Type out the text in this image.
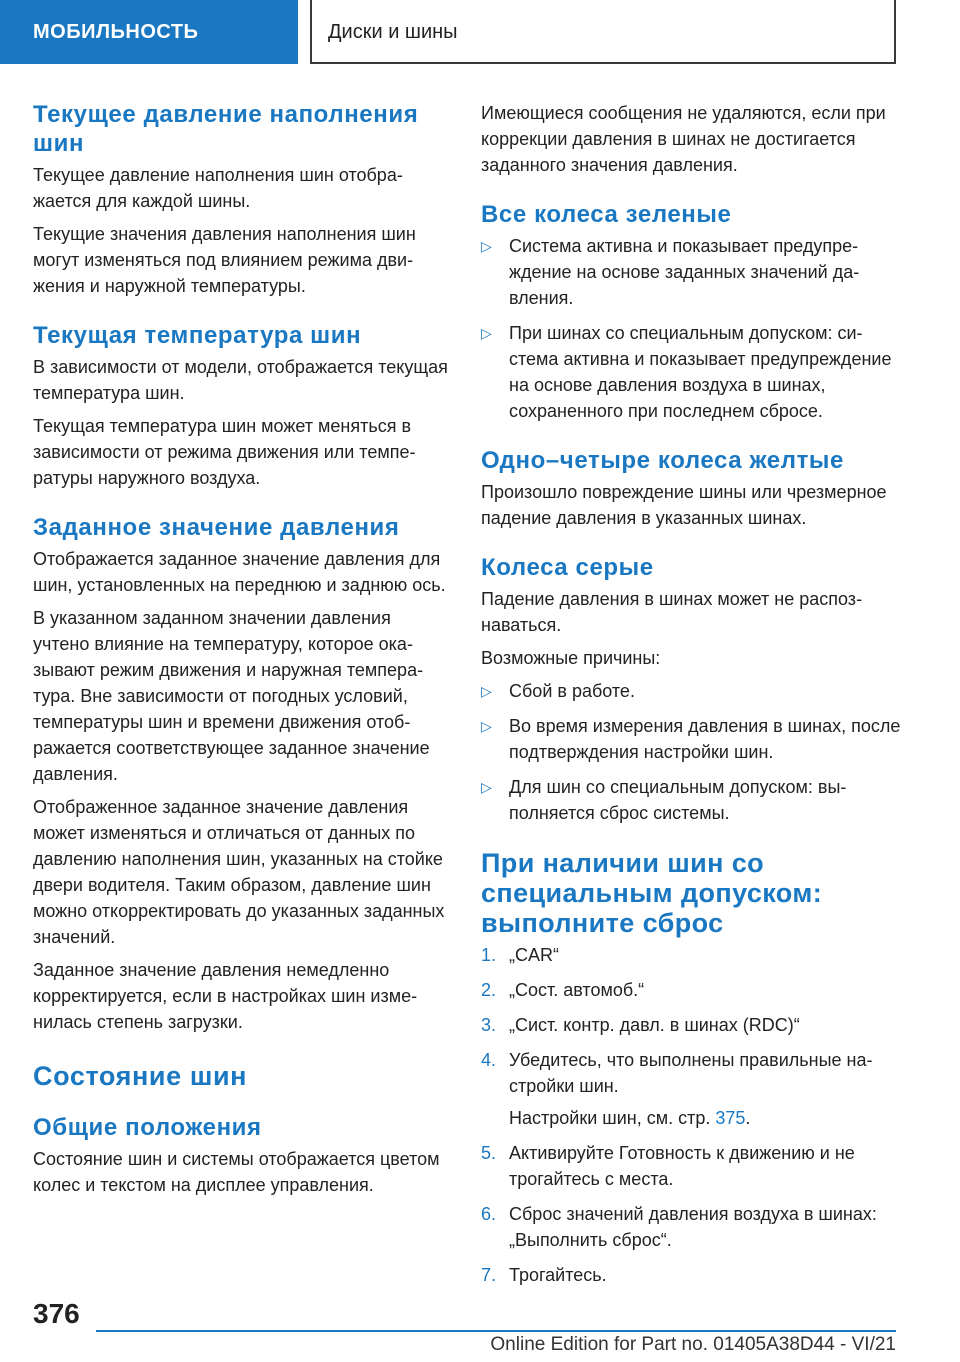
МОБИЛЬНОСТЬ	Диски и шины
Текущее давление наполнения шин

Текущее давление наполнения шин отображается для каждой шины.

Текущие значения давления наполнения шин могут изменяться под влиянием режима движения и наружной температуры.

Текущая температура шин

В зависимости от модели, отображается текущая температура шин.

Текущая температура шин может меняться в зависимости от режима движения или температуры наружного воздуха.

Заданное значение давления

Отображается заданное значение давления для шин, установленных на переднюю и заднюю ось.

В указанном заданном значении давления учтено влияние на температуру, которое оказывают режим движения и наружная температура. Вне зависимости от погодных условий, температуры шин и времени движения отображается соответствующее заданное значение давления.

Отображенное заданное значение давления может изменяться и отличаться от данных по давлению наполнения шин, указанных на стойке двери водителя. Таким образом, давление шин можно откорректировать до указанных заданных значений.

Заданное значение давления немедленно корректируется, если в настройках шин изменилась степень загрузки.

Состояние шин
Общие положения

Состояние шин и системы отображается цветом колес и текстом на дисплее управления.

Имеющиеся сообщения не удаляются, если при коррекции давления в шинах не достигается заданного значения давления.

Все колеса зеленые
▷ Система активна и показывает предупреждение на основе заданных значений давления.
▷ При шинах со специальным допуском: система активна и показывает предупреждение на основе давления воздуха в шинах, сохраненного при последнем сбросе.
Одно–четыре колеса желтые

Произошло повреждение шины или чрезмерное падение давления в указанных шинах.

Колеса серые

Падение давления в шинах может не распознаваться.

Возможные причины:

▷ Сбой в работе.
▷ Во время измерения давления в шинах, после подтверждения настройки шин.
▷ Для шин со специальным допуском: выполняется сброс системы.
При наличии шин со специальным допуском: выполните сброс
1. „CAR“
2. „Сост. автомоб.“
3. „Сист. контр. давл. в шинах (RDC)“
4. Убедитесь, что выполнены правильные настройки шин.
Настройки шин, см. стр. 375.
5. Активируйте Готовность к движению и не трогайтесь с места.
6. Сброс значений давления воздуха в шинах: „Выполнить сброс“.
7. Трогайтесь.
376
Online Edition for Part no. 01405A38D44 - VI/21
